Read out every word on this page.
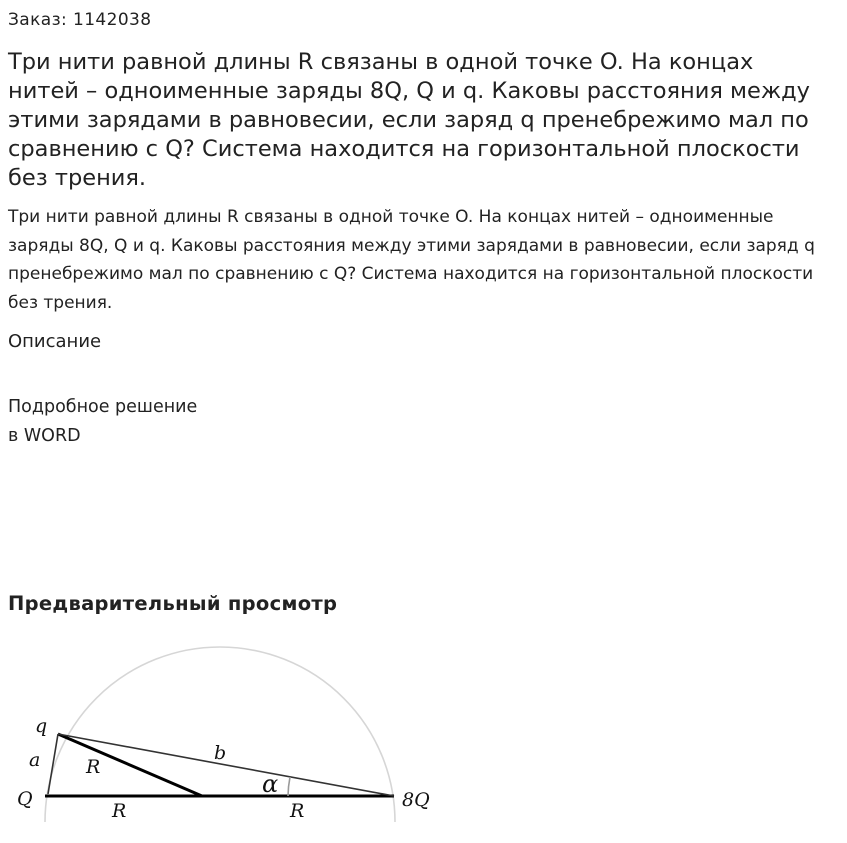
Заказ: 1142038
Три нити равной длины R связаны в одной точке O. На концах нитей – одноименные заряды 8Q, Q и q. Каковы расстояния между этими зарядами в равновесии, если заряд q пренебрежимо мал по сравнению с Q? Система находится на горизонтальной плоскости без трения.
Три нити равной длины R связаны в одной точке O. На концах нитей – одноименные заряды 8Q, Q и q. Каковы расстояния между этими зарядами в равновесии, если заряд q пренебрежимо мал по сравнению с Q? Система находится на горизонтальной плоскости без трения.
Описание
Подробное решение
в WORD
Предварительный просмотр
q
a
Q
R
R
b
α
R	8Q
